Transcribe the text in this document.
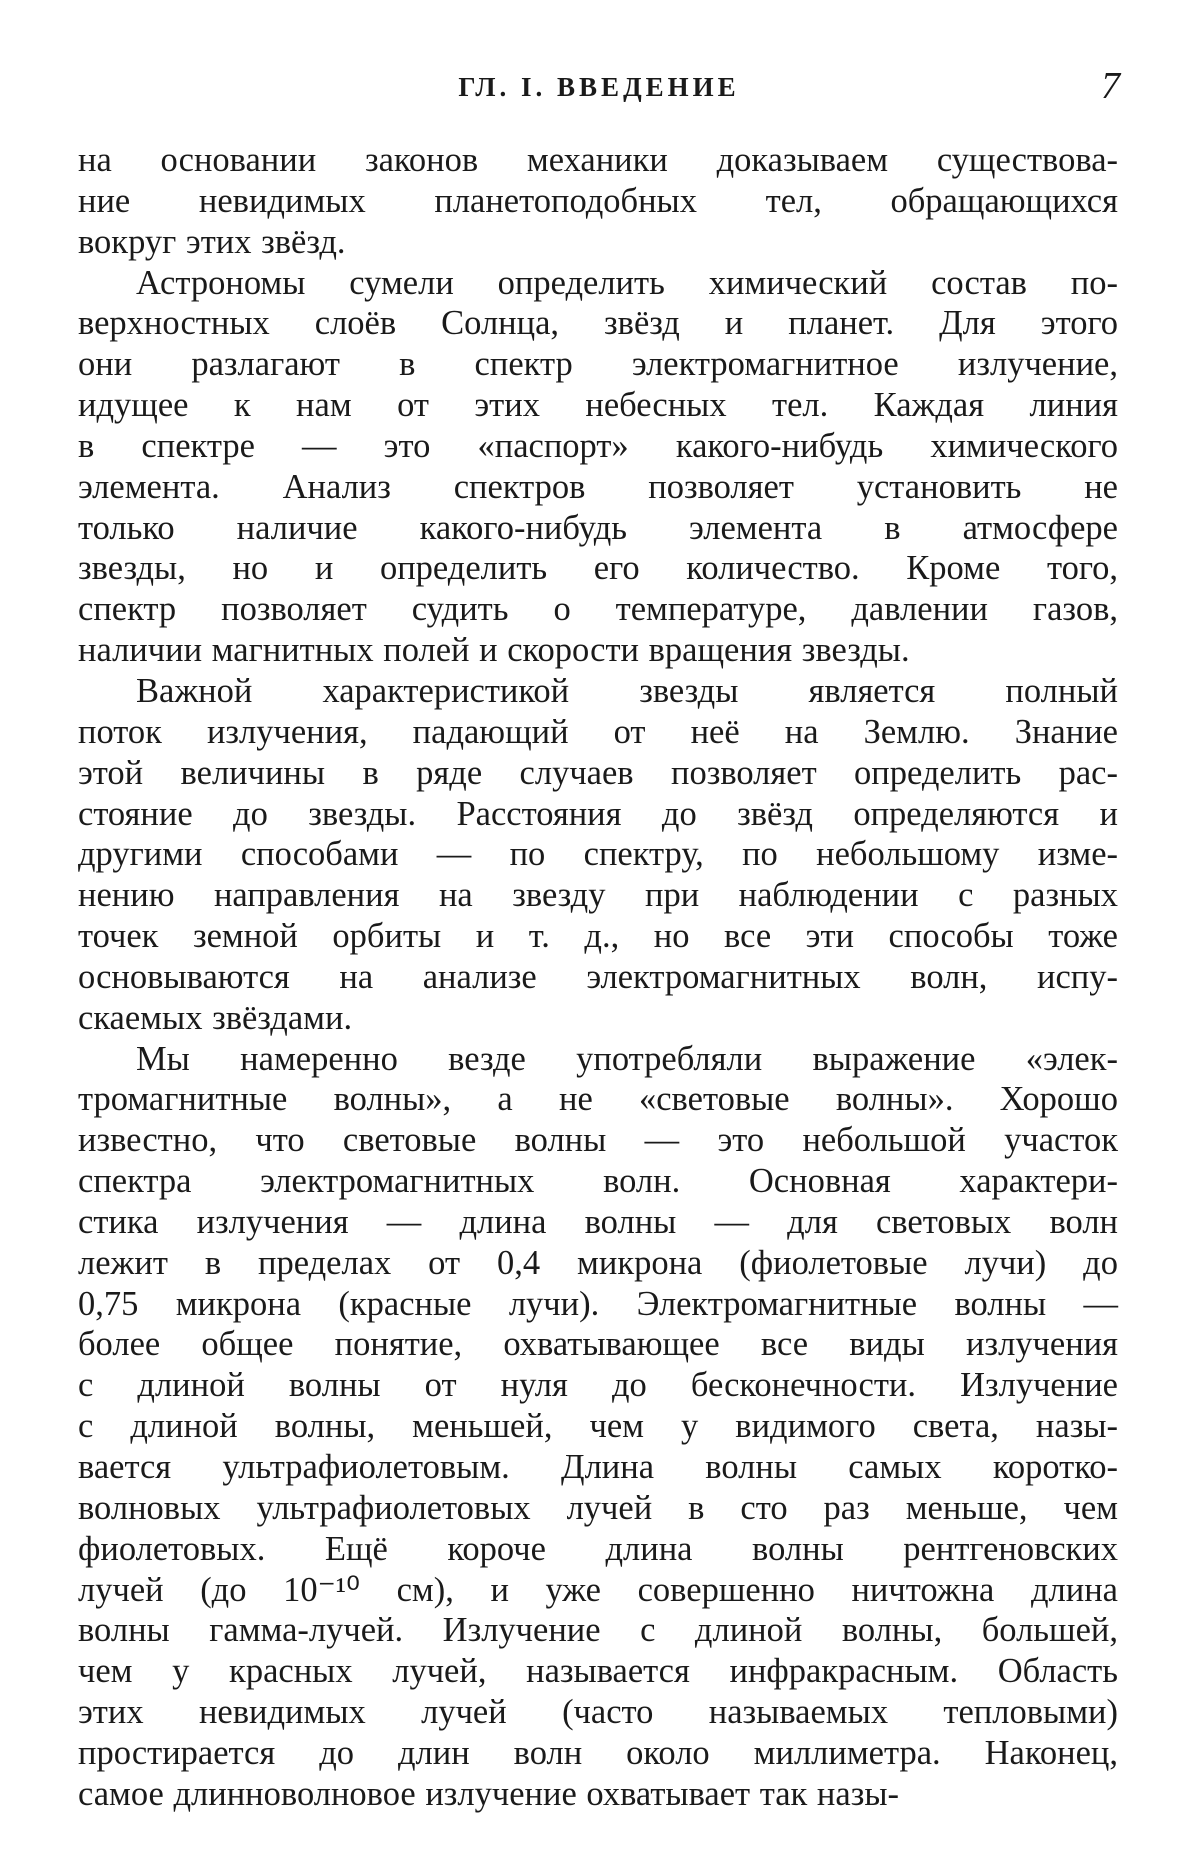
ГЛ. I. ВВЕДЕНИЕ	7

на основании законов механики доказываем существова-
ние невидимых планетоподобных тел, обращающихся
вокруг этих звёзд.

Астрономы сумели определить химический состав по-
верхностных слоёв Солнца, звёзд и планет. Для этого
они разлагают в спектр электромагнитное излучение,
идущее к нам от этих небесных тел. Каждая линия
в спектре — это «паспорт» какого-нибудь химического
элемента. Анализ спектров позволяет установить не
только наличие какого-нибудь элемента в атмосфере
звезды, но и определить его количество. Кроме того,
спектр позволяет судить о температуре, давлении газов,
наличии магнитных полей и скорости вращения звезды.

Важной характеристикой звезды является полный
поток излучения, падающий от неё на Землю. Знание
этой величины в ряде случаев позволяет определить рас-
стояние до звезды. Расстояния до звёзд определяются и
другими способами — по спектру, по небольшому изме-
нению направления на звезду при наблюдении с разных
точек земной орбиты и т. д., но все эти способы тоже
основываются на анализе электромагнитных волн, испу-
скаемых звёздами.

Мы намеренно везде употребляли выражение «элек-
тромагнитные волны», а не «световые волны». Хорошо
известно, что световые волны — это небольшой участок
спектра электромагнитных волн. Основная характери-
стика излучения — длина волны — для световых волн
лежит в пределах от 0,4 микрона (фиолетовые лучи) до
0,75 микрона (красные лучи). Электромагнитные волны —
более общее понятие, охватывающее все виды излучения
с длиной волны от нуля до бесконечности. Излучение
с длиной волны, меньшей, чем у видимого света, назы-
вается ультрафиолетовым. Длина волны самых коротко-
волновых ультрафиолетовых лучей в сто раз меньше, чем
фиолетовых. Ещё короче длина волны рентгеновских
лучей (до 10⁻¹⁰ см), и уже совершенно ничтожна длина
волны гамма-лучей. Излучение с длиной волны, большей,
чем у красных лучей, называется инфракрасным. Область
этих невидимых лучей (часто называемых тепловыми)
простирается до длин волн около миллиметра. Наконец,
самое длинноволновое излучение охватывает так назы-
